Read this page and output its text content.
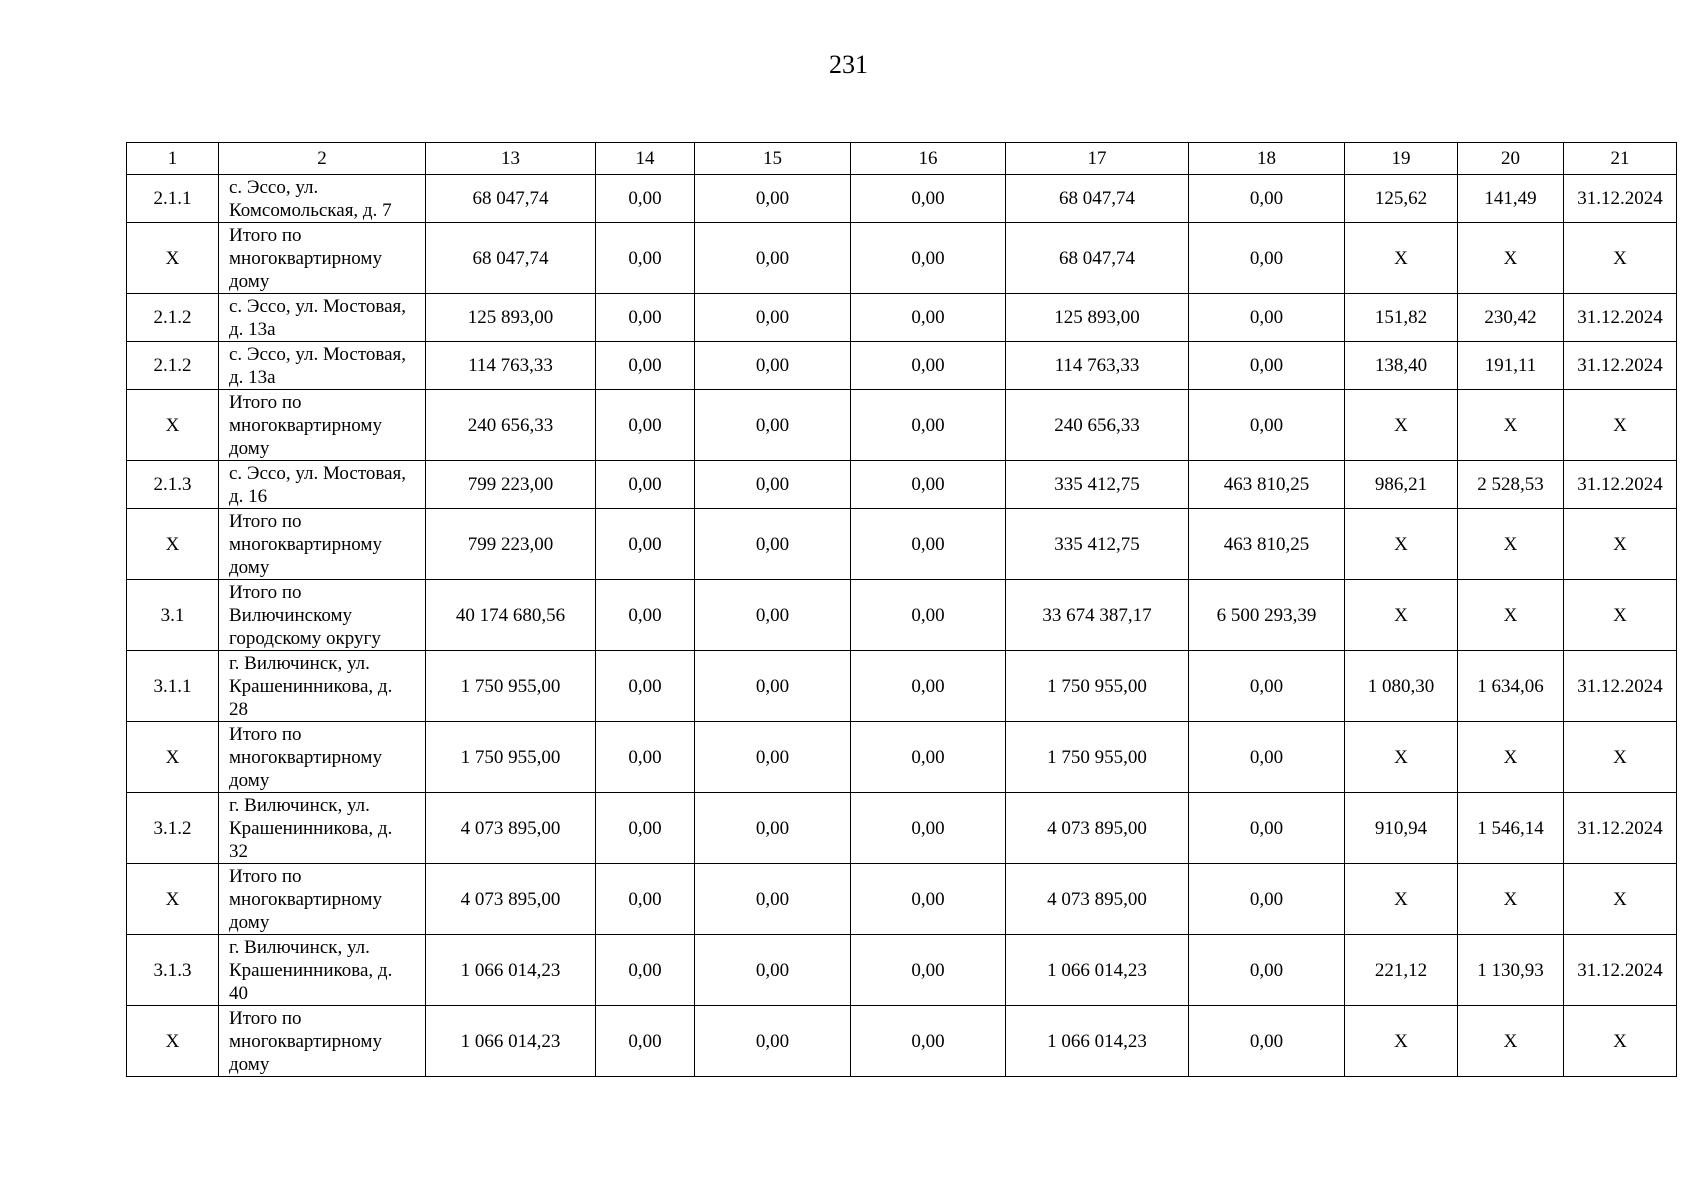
231
1	2	13	14	15	16	17	18	19	20	21
2.1.1	с. Эссо, ул. Комсомольская, д. 7	68 047,74	0,00	0,00	0,00	68 047,74	0,00	125,62	141,49	31.12.2024
X	Итого по многоквартирному дому	68 047,74	0,00	0,00	0,00	68 047,74	0,00	X	X	X
2.1.2	с. Эссо, ул. Мостовая, д. 13а	125 893,00	0,00	0,00	0,00	125 893,00	0,00	151,82	230,42	31.12.2024
2.1.2	с. Эссо, ул. Мостовая, д. 13а	114 763,33	0,00	0,00	0,00	114 763,33	0,00	138,40	191,11	31.12.2024
X	Итого по многоквартирному дому	240 656,33	0,00	0,00	0,00	240 656,33	0,00	X	X	X
2.1.3	с. Эссо, ул. Мостовая, д. 16	799 223,00	0,00	0,00	0,00	335 412,75	463 810,25	986,21	2 528,53	31.12.2024
X	Итого по многоквартирному дому	799 223,00	0,00	0,00	0,00	335 412,75	463 810,25	X	X	X
3.1	Итого по Вилючинскому городскому округу	40 174 680,56	0,00	0,00	0,00	33 674 387,17	6 500 293,39	X	X	X
3.1.1	г. Вилючинск, ул. Крашенинникова, д. 28	1 750 955,00	0,00	0,00	0,00	1 750 955,00	0,00	1 080,30	1 634,06	31.12.2024
X	Итого по многоквартирному дому	1 750 955,00	0,00	0,00	0,00	1 750 955,00	0,00	X	X	X
3.1.2	г. Вилючинск, ул. Крашенинникова, д. 32	4 073 895,00	0,00	0,00	0,00	4 073 895,00	0,00	910,94	1 546,14	31.12.2024
X	Итого по многоквартирному дому	4 073 895,00	0,00	0,00	0,00	4 073 895,00	0,00	X	X	X
3.1.3	г. Вилючинск, ул. Крашенинникова, д. 40	1 066 014,23	0,00	0,00	0,00	1 066 014,23	0,00	221,12	1 130,93	31.12.2024
X	Итого по многоквартирному дому	1 066 014,23	0,00	0,00	0,00	1 066 014,23	0,00	X	X	X
